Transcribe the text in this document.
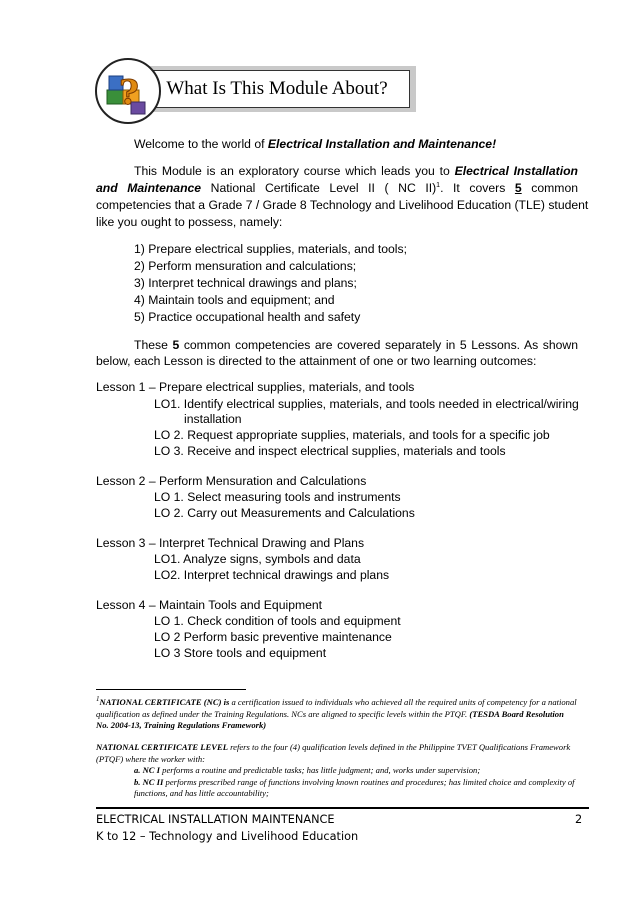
What Is This Module About?
?
Welcome to the world of Electrical Installation and Maintenance!
This Module is an exploratory course which leads you to Electrical Installation
and Maintenance National Certificate Level II ( NC II)$^1$. It covers 5 common
competencies that a Grade 7 / Grade 8 Technology and Livelihood Education (TLE) student
like you ought to possess, namely:
1) Prepare electrical supplies, materials, and tools;
2) Perform mensuration and calculations;
3) Interpret technical drawings and plans;
4) Maintain tools and equipment; and
5) Practice occupational health and safety
These 5 common competencies are covered separately in 5 Lessons. As shown
below, each Lesson is directed to the attainment of one or two learning outcomes:
Lesson 1 – Prepare electrical supplies, materials, and tools
LO1. Identify electrical supplies, materials, and tools needed in electrical/wiring
installation
LO 2. Request appropriate supplies, materials, and tools for a specific job
LO 3. Receive and inspect electrical supplies, materials and tools
Lesson 2 – Perform Mensuration and Calculations
LO 1. Select measuring tools and instruments
LO 2. Carry out Measurements and Calculations
Lesson 3 – Interpret Technical Drawing and Plans
LO1. Analyze signs, symbols and data
LO2. Interpret technical drawings and plans
Lesson 4 – Maintain Tools and Equipment
LO 1. Check condition of tools and equipment
LO 2 Perform basic preventive maintenance
LO 3 Store tools and equipment
$^1$NATIONAL CERTIFICATE (NC) is a certification issued to individuals who achieved all the required units of competency for a national
qualification as defined under the Training Regulations. NCs are aligned to specific levels within the PTQF. (TESDA Board Resolution
No. 2004-13, Training Regulations Framework)
NATIONAL CERTIFICATE LEVEL refers to the four (4) qualification levels defined in the Philippine TVET Qualifications Framework
(PTQF) where the worker with:
a. NC I performs a routine and predictable tasks; has little judgment; and, works under supervision;
b. NC II performs prescribed range of functions involving known routines and procedures; has limited choice and complexity of
functions, and has little accountability;
ELECTRICAL INSTALLATION MAINTENANCE	2
K to 12 – Technology and Livelihood Education
